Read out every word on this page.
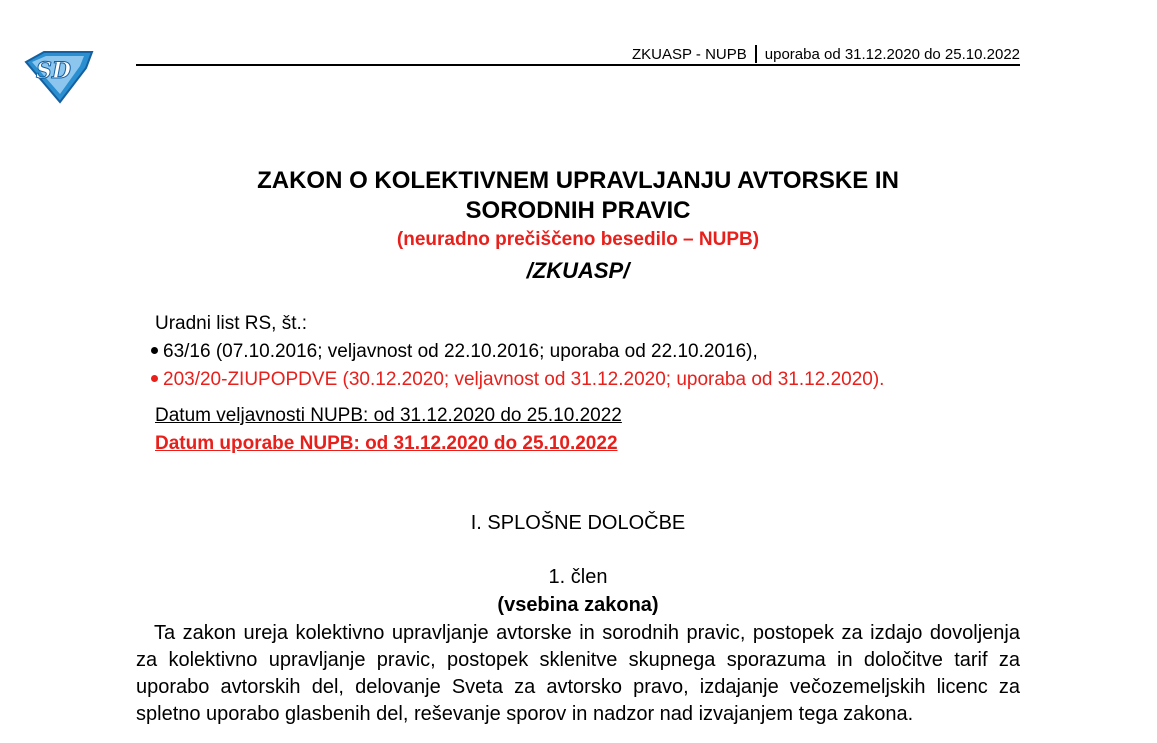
SD
ZKUASP - NUPB uporaba od 31.12.2020 do 25.10.2022
ZAKON O KOLEKTIVNEM UPRAVLJANJU AVTORSKE IN
SORODNIH PRAVIC
(neuradno prečiščeno besedilo – NUPB)
/ZKUASP/
Uradni list RS, št.:
63/16 (07.10.2016; veljavnost od 22.10.2016; uporaba od 22.10.2016),
203/20-ZIUPOPDVE (30.12.2020; veljavnost od 31.12.2020; uporaba od 31.12.2020).
Datum veljavnosti NUPB: od 31.12.2020 do 25.10.2022
Datum uporabe NUPB: od 31.12.2020 do 25.10.2022
I. SPLOŠNE DOLOČBE
1. člen
(vsebina zakona)

Ta zakon ureja kolektivno upravljanje avtorske in sorodnih pravic, postopek za izdajo dovoljenja za kolektivno upravljanje pravic, postopek sklenitve skupnega sporazuma in določitve tarif za uporabo avtorskih del, delovanje Sveta za avtorsko pravo, izdajanje večozemeljskih licenc za spletno uporabo glasbenih del, reševanje sporov in nadzor nad izvajanjem tega zakona.
